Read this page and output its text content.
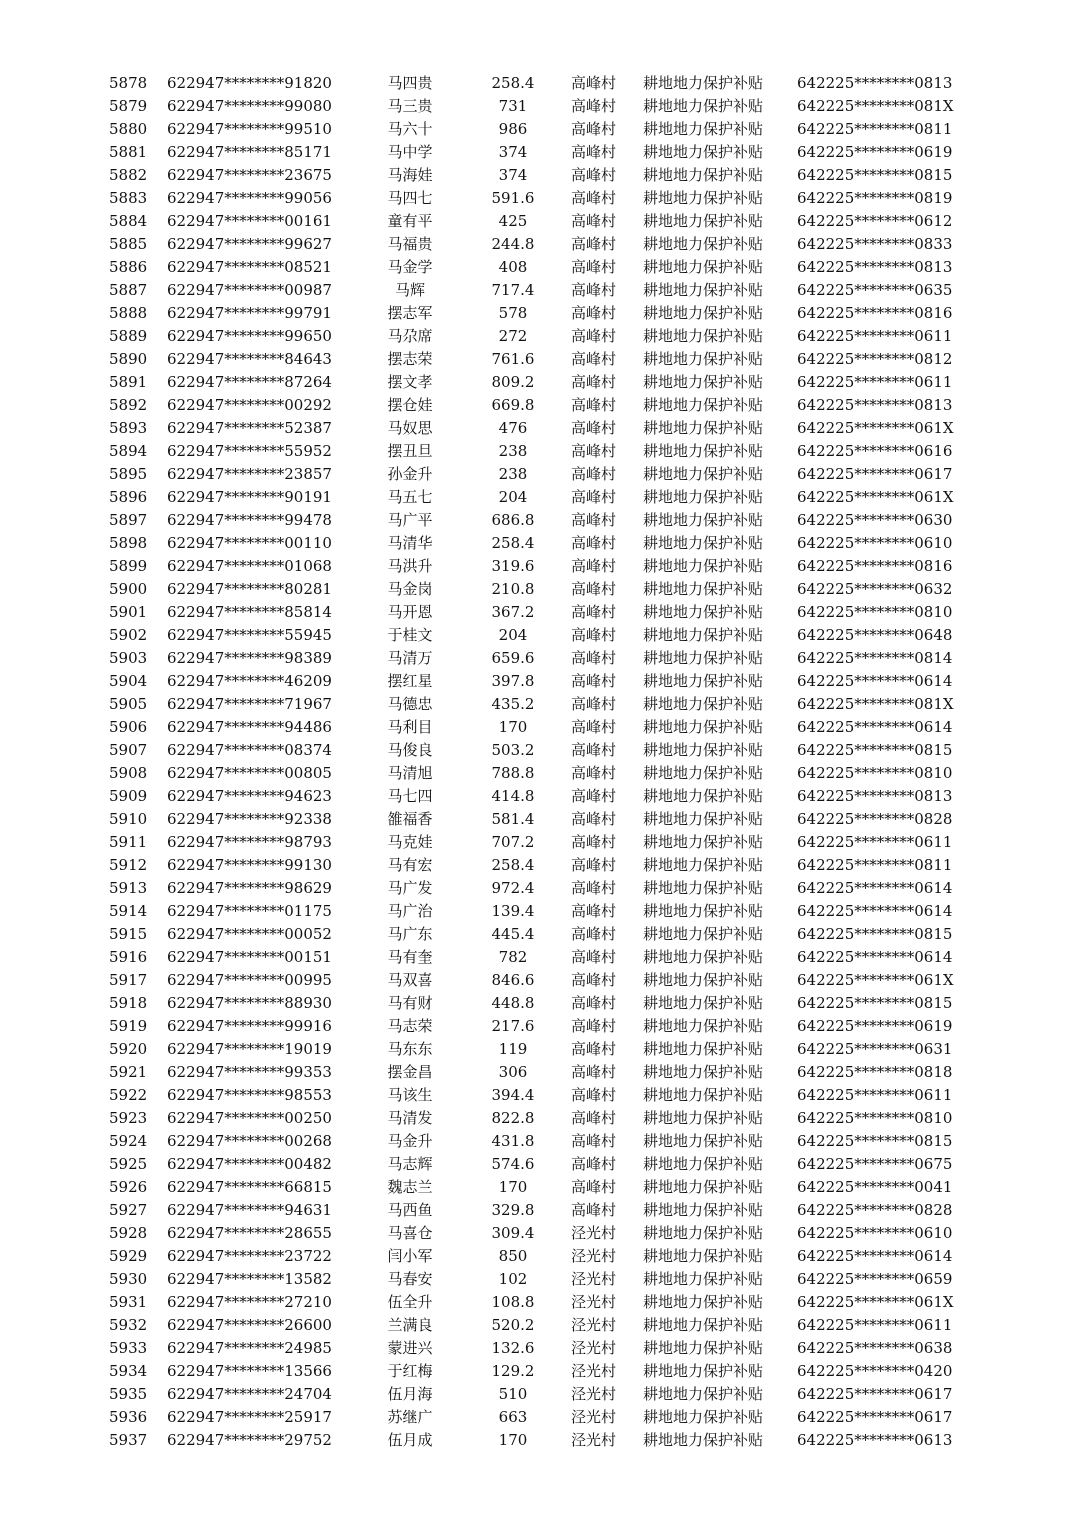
5878 622947********91820	马四贵	258.4	高峰村	耕地地力保护补贴	642225********0813
5879 622947********99080	马三贵	731	高峰村	耕地地力保护补贴	642225********081X
5880 622947********99510	马六十	986	高峰村	耕地地力保护补贴	642225********0811
5881 622947********85171	马中学	374	高峰村	耕地地力保护补贴	642225********0619
5882 622947********23675	马海娃	374	高峰村	耕地地力保护补贴	642225********0815
5883 622947********99056	马四七	591.6	高峰村	耕地地力保护补贴	642225********0819
5884 622947********00161	童有平	425	高峰村	耕地地力保护补贴	642225********0612
5885 622947********99627	马福贵	244.8	高峰村	耕地地力保护补贴	642225********0833
5886 622947********08521	马金学	408	高峰村	耕地地力保护补贴	642225********0813
5887 622947********00987	马辉	717.4	高峰村	耕地地力保护补贴	642225********0635
5888 622947********99791	摆志军	578	高峰村	耕地地力保护补贴	642225********0816
5889 622947********99650	马尕席	272	高峰村	耕地地力保护补贴	642225********0611
5890 622947********84643	摆志荣	761.6	高峰村	耕地地力保护补贴	642225********0812
5891 622947********87264	摆文孝	809.2	高峰村	耕地地力保护补贴	642225********0611
5892 622947********00292	摆仓娃	669.8	高峰村	耕地地力保护补贴	642225********0813
5893 622947********52387	马奴思	476	高峰村	耕地地力保护补贴	642225********061X
5894 622947********55952	摆丑旦	238	高峰村	耕地地力保护补贴	642225********0616
5895 622947********23857	孙金升	238	高峰村	耕地地力保护补贴	642225********0617
5896 622947********90191	马五七	204	高峰村	耕地地力保护补贴	642225********061X
5897 622947********99478	马广平	686.8	高峰村	耕地地力保护补贴	642225********0630
5898 622947********00110	马清华	258.4	高峰村	耕地地力保护补贴	642225********0610
5899 622947********01068	马洪升	319.6	高峰村	耕地地力保护补贴	642225********0816
5900 622947********80281	马金岗	210.8	高峰村	耕地地力保护补贴	642225********0632
5901 622947********85814	马开恩	367.2	高峰村	耕地地力保护补贴	642225********0810
5902 622947********55945	于桂文	204	高峰村	耕地地力保护补贴	642225********0648
5903 622947********98389	马清万	659.6	高峰村	耕地地力保护补贴	642225********0814
5904 622947********46209	摆红星	397.8	高峰村	耕地地力保护补贴	642225********0614
5905 622947********71967	马德忠	435.2	高峰村	耕地地力保护补贴	642225********081X
5906 622947********94486	马利目	170	高峰村	耕地地力保护补贴	642225********0614
5907 622947********08374	马俊良	503.2	高峰村	耕地地力保护补贴	642225********0815
5908 622947********00805	马清旭	788.8	高峰村	耕地地力保护补贴	642225********0810
5909 622947********94623	马七四	414.8	高峰村	耕地地力保护补贴	642225********0813
5910 622947********92338	雒福香	581.4	高峰村	耕地地力保护补贴	642225********0828
5911 622947********98793	马克娃	707.2	高峰村	耕地地力保护补贴	642225********0611
5912 622947********99130	马有宏	258.4	高峰村	耕地地力保护补贴	642225********0811
5913 622947********98629	马广发	972.4	高峰村	耕地地力保护补贴	642225********0614
5914 622947********01175	马广治	139.4	高峰村	耕地地力保护补贴	642225********0614
5915 622947********00052	马广东	445.4	高峰村	耕地地力保护补贴	642225********0815
5916 622947********00151	马有奎	782	高峰村	耕地地力保护补贴	642225********0614
5917 622947********00995	马双喜	846.6	高峰村	耕地地力保护补贴	642225********061X
5918 622947********88930	马有财	448.8	高峰村	耕地地力保护补贴	642225********0815
5919 622947********99916	马志荣	217.6	高峰村	耕地地力保护补贴	642225********0619
5920 622947********19019	马东东	119	高峰村	耕地地力保护补贴	642225********0631
5921 622947********99353	摆金昌	306	高峰村	耕地地力保护补贴	642225********0818
5922 622947********98553	马该生	394.4	高峰村	耕地地力保护补贴	642225********0611
5923 622947********00250	马清发	822.8	高峰村	耕地地力保护补贴	642225********0810
5924 622947********00268	马金升	431.8	高峰村	耕地地力保护补贴	642225********0815
5925 622947********00482	马志辉	574.6	高峰村	耕地地力保护补贴	642225********0675
5926 622947********66815	魏志兰	170	高峰村	耕地地力保护补贴	642225********0041
5927 622947********94631	马西鱼	329.8	高峰村	耕地地力保护补贴	642225********0828
5928 622947********28655	马喜仓	309.4	泾光村	耕地地力保护补贴	642225********0610
5929 622947********23722	闫小军	850	泾光村	耕地地力保护补贴	642225********0614
5930 622947********13582	马春安	102	泾光村	耕地地力保护补贴	642225********0659
5931 622947********27210	伍全升	108.8	泾光村	耕地地力保护补贴	642225********061X
5932 622947********26600	兰满良	520.2	泾光村	耕地地力保护补贴	642225********0611
5933 622947********24985	蒙进兴	132.6	泾光村	耕地地力保护补贴	642225********0638
5934 622947********13566	于红梅	129.2	泾光村	耕地地力保护补贴	642225********0420
5935 622947********24704	伍月海	510	泾光村	耕地地力保护补贴	642225********0617
5936 622947********25917	苏继广	663	泾光村	耕地地力保护补贴	642225********0617
5937 622947********29752	伍月成	170	泾光村	耕地地力保护补贴	642225********0613
